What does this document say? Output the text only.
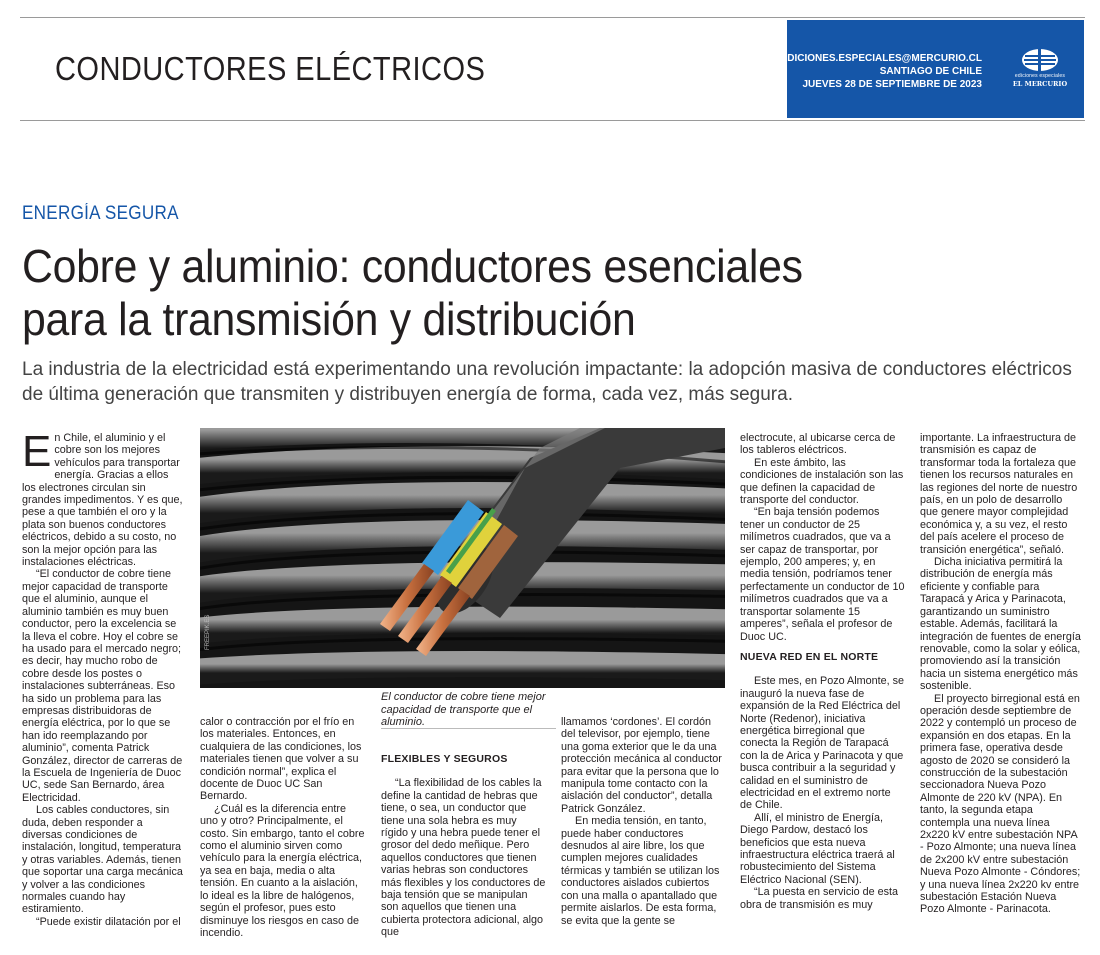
CONDUCTORES ELÉCTRICOS	EDICIONES.ESPECIALES@MERCURIO.CL
SANTIAGO DE CHILE
JUEVES 28 DE SEPTIEMBRE DE 2023
ediciones especiales
EL MERCURIO
ENERGÍA SEGURA
Cobre y aluminio: conductores esenciales
para la transmisión y distribución
La industria de la electricidad está experimentando una revolución impactante: la adopción masiva de conductores eléctricos de última generación que transmiten y distribuyen energía de forma, cada vez, más segura.

En Chile, el aluminio y el cobre son los mejores vehículos para transportar energía. Gracias a ellos los electrones circulan sin grandes impedimentos. Y es que, pese a que también el oro y la plata son buenos conductores eléctricos, debido a su costo, no son la mejor opción para las instalaciones eléctricas.

“El conductor de cobre tiene mejor capacidad de transporte que el aluminio, aunque el aluminio también es muy buen conductor, pero la excelencia se la lleva el cobre. Hoy el cobre se ha usado para el mercado negro; es decir, hay mucho robo de cobre desde los postes o instalaciones subterráneas. Eso ha sido un problema para las empresas distribuidoras de energía eléctrica, por lo que se han ido reemplazando por aluminio”, comenta Patrick González, director de carreras de la Escuela de Ingeniería de Duoc UC, sede San Bernardo, área Electricidad.

Los cables conductores, sin duda, deben responder a diversas condiciones de instalación, longitud, temperatura y otras variables. Además, tienen que soportar una carga mecánica y volver a las condiciones normales cuando hay estiramiento.

“Puede existir dilatación por el

FREEPIK.ES
El conductor de cobre tiene mejor capacidad de transporte que el aluminio.

calor o contracción por el frío en los materiales. Entonces, en cualquiera de las condiciones, los materiales tienen que volver a su condición normal”, explica el docente de Duoc UC San Bernardo.

¿Cuál es la diferencia entre uno y otro? Principalmente, el costo. Sin embargo, tanto el cobre como el aluminio sirven como vehículo para la energía eléctrica, ya sea en baja, media o alta tensión. En cuanto a la aislación, lo ideal es la libre de halógenos, según el profesor, pues esto disminuye los riesgos en caso de incendio.

FLEXIBLES Y SEGUROS

“La flexibilidad de los cables la define la cantidad de hebras que tiene, o sea, un conductor que tiene una sola hebra es muy rígido y una hebra puede tener el grosor del dedo meñique. Pero aquellos conductores que tienen varias hebras son conductores más flexibles y los conductores de baja tensión que se manipulan son aquellos que tienen una cubierta protectora adicional, algo que

llamamos ‘cordones’. El cordón del televisor, por ejemplo, tiene una goma exterior que le da una protección mecánica al conductor para evitar que la persona que lo manipula tome contacto con la aislación del conductor”, detalla Patrick González.

En media tensión, en tanto, puede haber conductores desnudos al aire libre, los que cumplen mejores cualidades térmicas y también se utilizan los conductores aislados cubiertos con una malla o apantallado que permite aislarlos. De esta forma, se evita que la gente se

electrocute, al ubicarse cerca de los tableros eléctricos.

En este ámbito, las condiciones de instalación son las que definen la capacidad de transporte del conductor.

“En baja tensión podemos tener un conductor de 25 milímetros cuadrados, que va a ser capaz de transportar, por ejemplo, 200 amperes; y, en media tensión, podríamos tener perfectamente un conductor de 10 milímetros cuadrados que va a transportar solamente 15 amperes”, señala el profesor de Duoc UC.

NUEVA RED EN EL NORTE

Este mes, en Pozo Almonte, se inauguró la nueva fase de expansión de la Red Eléctrica del Norte (Redenor), iniciativa energética birregional que conecta la Región de Tarapacá con la de Arica y Parinacota y que busca contribuir a la seguridad y calidad en el suministro de electricidad en el extremo norte de Chile.

Allí, el ministro de Energía, Diego Pardow, destacó los beneficios que esta nueva infraestructura eléctrica traerá al robustecimiento del Sistema Eléctrico Nacional (SEN).

“La puesta en servicio de esta obra de transmisión es muy

importante. La infraestructura de transmisión es capaz de transformar toda la fortaleza que tienen los recursos naturales en las regiones del norte de nuestro país, en un polo de desarrollo que genere mayor complejidad económica y, a su vez, el resto del país acelere el proceso de transición energética”, señaló.

Dicha iniciativa permitirá la distribución de energía más eficiente y confiable para Tarapacá y Arica y Parinacota, garantizando un suministro estable. Además, facilitará la integración de fuentes de energía renovable, como la solar y eólica, promoviendo así la transición hacia un sistema energético más sostenible.

El proyecto birregional está en operación desde septiembre de 2022 y contempló un proceso de expansión en dos etapas. En la primera fase, operativa desde agosto de 2020 se consideró la construcción de la subestación seccionadora Nueva Pozo Almonte de 220 kV (NPA). En tanto, la segunda etapa contempla una nueva línea 2x220 kV entre subestación NPA - Pozo Almonte; una nueva línea de 2x200 kV entre subestación Nueva Pozo Almonte - Cóndores; y una nueva línea 2x220 kv entre subestación Estación Nueva Pozo Almonte - Parinacota.
